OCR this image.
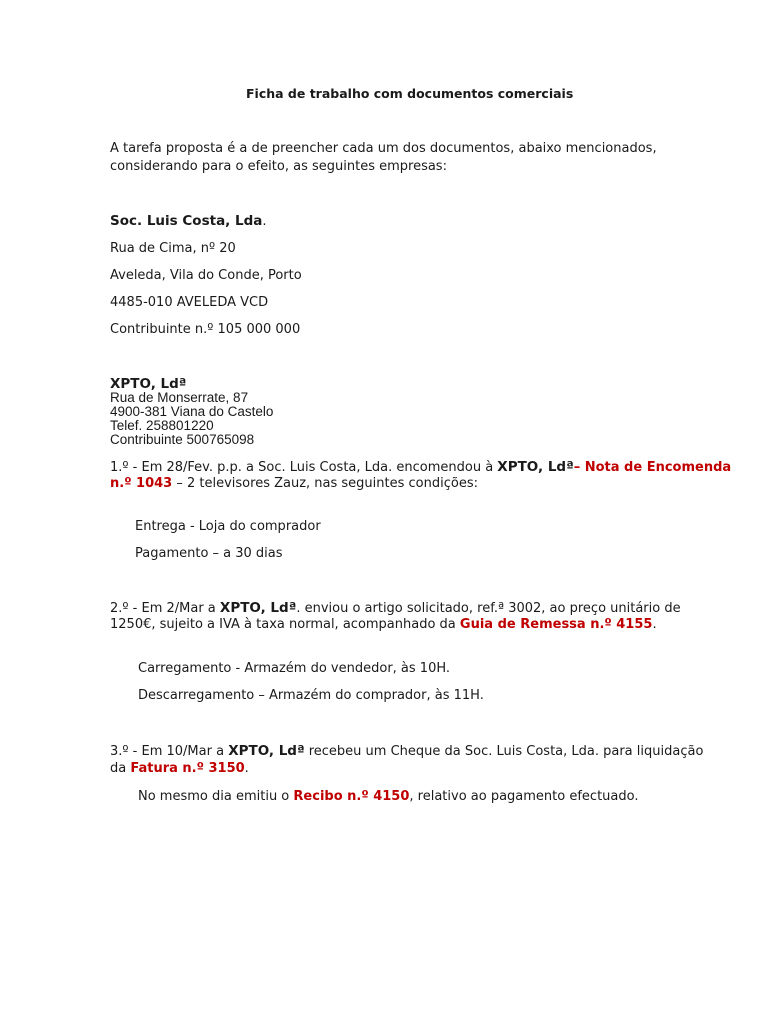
Ficha de trabalho com documentos comerciais
A tarefa proposta é a de preencher cada um dos documentos, abaixo mencionados,
considerando para o efeito, as seguintes empresas:
Soc. Luis Costa, Lda.
Rua de Cima, nº 20
Aveleda, Vila do Conde, Porto
4485-010 AVELEDA VCD
Contribuinte n.º 105 000 000
XPTO, Ldª
Rua de Monserrate, 87
4900-381 Viana do Castelo
Telef. 258801220
Contribuinte 500765098
1.º - Em 28/Fev. p.p. a Soc. Luis Costa, Lda. encomendou à XPTO, Ldª– Nota de Encomenda
n.º 1043 – 2 televisores Zauz, nas seguintes condições:
Entrega - Loja do comprador
Pagamento – a 30 dias
2.º - Em 2/Mar a XPTO, Ldª. enviou o artigo solicitado, ref.ª 3002, ao preço unitário de
1250€, sujeito a IVA à taxa normal, acompanhado da Guia de Remessa n.º 4155.
Carregamento - Armazém do vendedor, às 10H.
Descarregamento – Armazém do comprador, às 11H.
3.º - Em 10/Mar a XPTO, Ldª recebeu um Cheque da Soc. Luis Costa, Lda. para liquidação
da Fatura n.º 3150.
No mesmo dia emitiu o Recibo n.º 4150, relativo ao pagamento efectuado.
